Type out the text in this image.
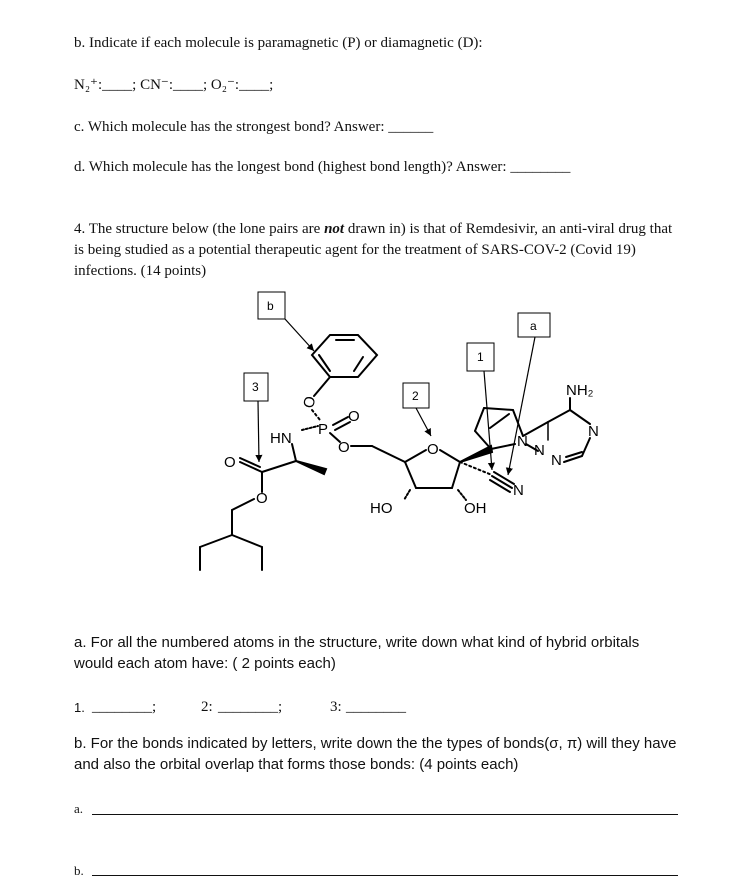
b. Indicate if each molecule is paramagnetic (P) or diamagnetic (D):
N₂⁺:____; CN⁻:____; O₂⁻:____;
c. Which molecule has the strongest bond? Answer: ______
d. Which molecule has the longest bond (highest bond length)? Answer: ________
4. The structure below (the lone pairs are not drawn in) is that of Remdesivir, an anti-viral drug that is being studied as a potential therapeutic agent for the treatment of SARS-COV-2 (Covid 19) infections. (14 points)
O
P
O
HN
O
O
O
O
HO	OH
NH₂
N
N
N
N
N
b
a
1
2
3
a. For all the numbered atoms in the structure, write down what kind of hybrid orbitals would each atom have: ( 2 points each)
1. ________;	2: ________;	3: ________
b. For the bonds indicated by letters, write down the the types of bonds(σ, π) will they have and also the orbital overlap that forms those bonds: (4 points each)
a.
b.
